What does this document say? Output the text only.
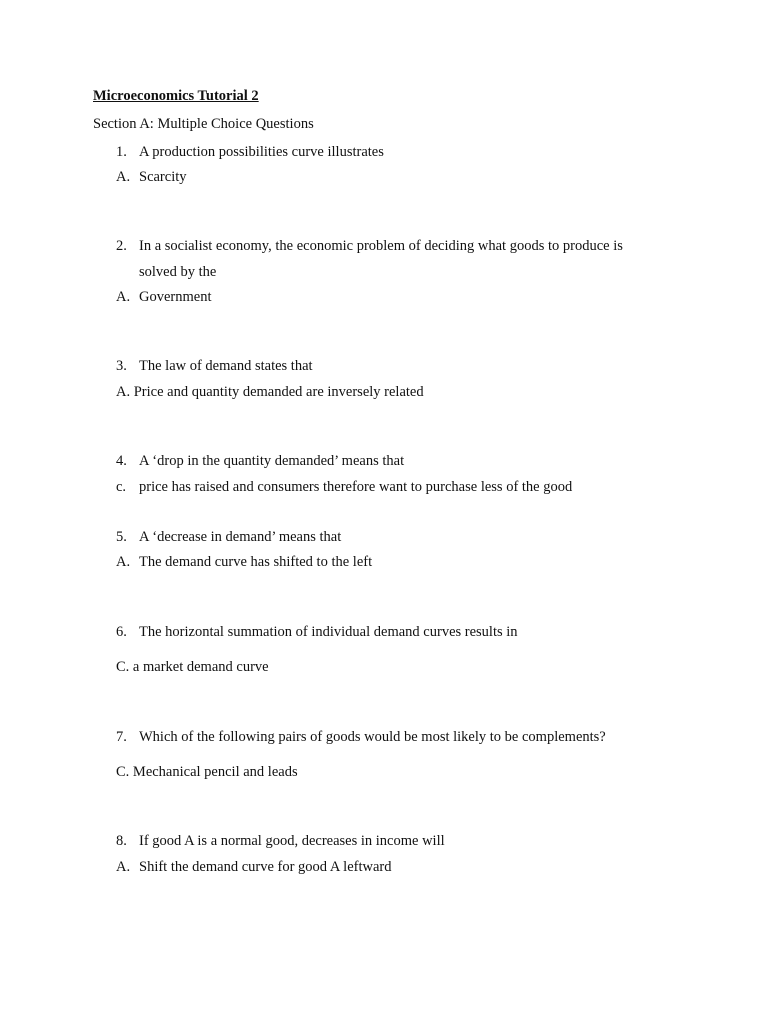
Microeconomics Tutorial 2
Section A: Multiple Choice Questions
1. A production possibilities curve illustrates
A. Scarcity
2. In a socialist economy, the economic problem of deciding what goods to produce is
solved by the
A. Government
3. The law of demand states that
A. Price and quantity demanded are inversely related
4. A ‘drop in the quantity demanded’ means that
c. price has raised and consumers therefore want to purchase less of the good
5. A ‘decrease in demand’ means that
A. The demand curve has shifted to the left
6. The horizontal summation of individual demand curves results in
C. a market demand curve
7. Which of the following pairs of goods would be most likely to be complements?
C. Mechanical pencil and leads
8. If good A is a normal good, decreases in income will
A. Shift the demand curve for good A leftward
